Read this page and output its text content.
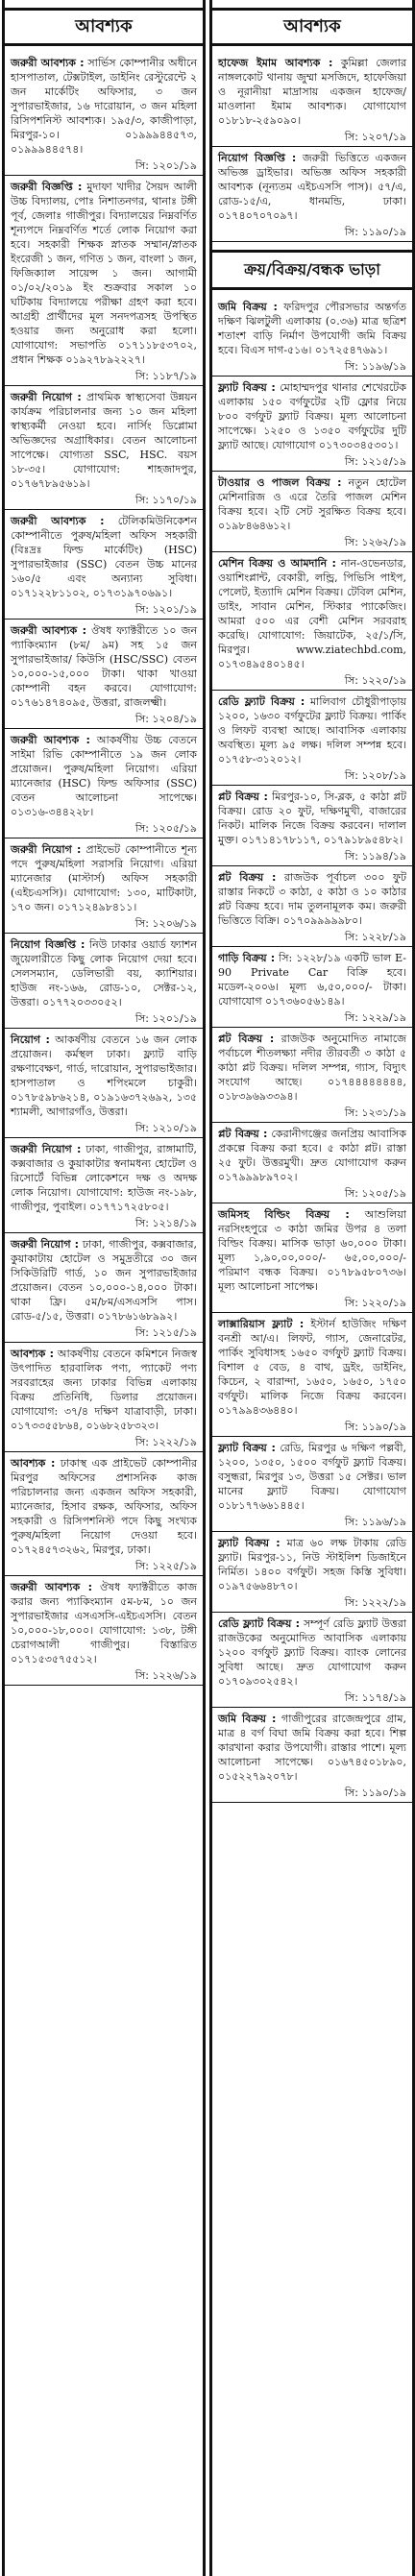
আবশ্যক
জরুরী আবশ্যক : সার্ভিস কোম্পানীর অধীনে হাসপাতাল, টেক্সটাইল, ডাইনিং রেস্টুরেন্টে ২ জন মার্কেটিং অফিসার, ৩ জন সুপারভাইজার, ১৬ দারোয়ান, ৩ জন মহিলা রিসিপশনিস্ট আবশ্যক। ১৯৫/৩, কাজীপাড়া, মিরপুর-১০। ০১৯৯৯৪৪৫৭৩, ০১৯৯৯৪৪৫৭৪।
সি: ১২০১/১৯
জরুরী বিজ্ঞপ্তি : মুদাফা খাদীর সৈয়দ আলী উচ্চ বিদ্যালয়, পোঃ নিশাতনগর, থানাঃ টঙ্গী পূর্ব, জেলাঃ গাজীপুর। বিদ্যালয়ের নিম্নবর্ণিত শূন্যপদে নিম্নবর্ণিত শর্তে লোক নিয়োগ করা হবে। সহকারী শিক্ষক স্নাতক সম্মান/স্নাতক ইংরেজী ১ জন, গণিত ১ জন, বাংলা ১ জন, ফিজিক্যাল সায়েন্স ১ জন। আগামী ০১/০২/২০১৯ ইং শুক্রবার সকাল ১০ ঘটিকায় বিদ্যালয়ে পরীক্ষা গ্রহণ করা হবে। আগ্রহী প্রার্থীদের মূল সনদপত্রসহ উপস্থিত হওয়ার জন্য অনুরোধ করা হলো। যোগাযোগ: সভাপতি ০১৭১১৮৫৩৭০২, প্রধান শিক্ষক ০১৯২৭৮৯২২২৭।
সি: ১১৮৭/১৯
জরুরী নিয়োগ : প্রাথমিক স্বাস্থ্যসেবা উন্নয়ন কার্যক্রম পরিচালনার জন্য ১০ জন মহিলা স্বাস্থ্যকর্মী নেওয়া হবে। নার্সিং ডিপ্লোমা অভিজ্ঞদের অগ্রাধিকার। বেতন আলোচনা সাপেক্ষে। যোগ্যতা SSC, HSC. বয়স ১৮-৩৫। যোগাযোগ: শাহজাদপুর, ০১৭৬৭৮৯৫৬১৯।
সি: ১১৭০/১৯
জরুরী আবশ্যক : টেলিকমিউনিকেশন কোম্পানীতে পুরুষ/মহিলা অফিস সহকারী (বিঃদ্রঃ ফিল্ড মার্কেটিং) (HSC) সুপারভাইজার (SSC) বেতন উচ্চ মানের ১৬০/৫ এবং অন্যান্য সুবিধা। ০১৭১২২৮১১০২, ০১৭৩১৯৭০৬৯১।
সি: ১২০১/১৯
জরুরী আবশ্যক : ঔষধ ফ্যাক্টরীতে ১০ জন প্যাকিংম্যান (৮ম/ ৯ম) সহ ১৫ জন সুপারভাইজার/ কিউসি (HSC/SSC) বেতন ১০,০০০-১৫,০০০ টাকা। থাকা খাওয়া কোম্পানী বহন করবে। যোগাযোগ: ০১৭৬১৪৭৪০৯৫, উত্তরা, রাজলক্ষ্মী।
সি: ১২০৪/১৯
জরুরী আবশ্যক : আকর্ষণীয় উচ্চ বেতনে সাইমা রিভি কোম্পানীতে ১৯ জন লোক প্রয়োজন। পুরুষ/মহিলা নিয়োগ। এরিয়া ম্যানেজার (HSC) ফিল্ড অফিসার (SSC) বেতন আলোচনা সাপেক্ষে। ০১৩১৬-৩৪৪২২৮।
সি: ১২০৫/১৯
জরুরী নিয়োগ : প্রাইভেট কোম্পানীতে শূন্য পদে পুরুষ/মহিলা সরাসরি নিয়োগ। এরিয়া ম্যানেজার (মাস্টার্স) অফিস সহকারী (এইচএসসি)। যোগাযোগ: ১৩০, মাটিকাটা, ১৭০ জন। ০১৭১২৪৯৮৪১১।
সি: ১২০৬/১৯
নিয়োগ বিজ্ঞপ্তি : নিউ ঢাকার ওয়ার্ড ফ্যাশন জুয়েলারীতে কিছু লোক নিয়োগ দেয়া হবে। সেলসম্যান, ডেলিভারী বয়, ক্যাশিয়ার। হাউজ নং-১৬৬, রোড-১০, সেক্টর-১২, উত্তরা। ০১৭৭২০৩৩০৫২।
সি: ১২০১/১৯
নিয়োগ : আকর্ষণীয় বেতনে ১৬ জন লোক প্রয়োজন। কর্মস্থল ঢাকা। ফ্ল্যাট বাড়ি রক্ষণাবেক্ষণ, গার্ড, দারোয়ান, সুপারভাইজার। হাসপাতাল ও শপিংমলে চাকুরী। ০১৭৮৫৯৮৬২১৪, ০১৯১৬৩৭২৬৯২, ১৩৫ শ্যামলী, আগারগাঁও, উত্তরা।
সি: ১২১০/১৯
জরুরী নিয়োগ : ঢাকা, গাজীপুর, রাঙ্গামাটি, কক্সবাজার ও কুয়াকাটার স্বনামধন্য হোটেল ও রিসোর্টে বিভিন্ন লোকেশনে দক্ষ ও অদক্ষ লোক নিয়োগ। যোগাযোগ: হাউজ নং-১৯৮, গাজীপুর, পুবাইল। ০১৭৭১৭২৫৮০৫।
সি: ১২১৪/১৯
জরুরী নিয়োগ : ঢাকা, গাজীপুর, কক্সবাজার, কুয়াকাটায় হোটেল ও সমুদ্রতীরে ৩০ জন সিকিউরিটি গার্ড, ১০ জন সুপারভাইজার প্রয়োজন। বেতন ১০,০০০-১৪,০০০ টাকা। থাকা ফ্রি। ৫ম/৮ম/এসএসসি পাস। রোড-৫/১৫, উত্তরা। ০১৭৮৬১৬৮৯৯২।
সি: ১২১৫/১৯
আবশ্যক : আকর্ষণীয় বেতনে কমিশনে নিজস্ব উৎপাদিত হারবালিক পণ্য, প্যাকেট পণ্য সরবরাহের জন্য ঢাকার বিভিন্ন এলাকায় বিক্রয় প্রতিনিধি, ডিলার প্রয়োজন। যোগাযোগ: ৩৭/৪ দক্ষিণ যাত্রাবাড়ী, ঢাকা। ০১৭৩৩৫৫৮৬৪, ০১৬৮২৫৮৩২৩।
সি: ১২২২/১৯
আবশ্যক : ঢাকাস্থ এক প্রাইভেট কোম্পানীর মিরপুর অফিসের প্রশাসনিক কাজ পরিচালনার জন্য একজন অফিস সহকারী, ম্যানেজার, হিসাব রক্ষক, অফিসার, অফিস সহকারী ও রিসিপশনিস্ট পদে কিছু সংখ্যক পুরুষ/মহিলা নিয়োগ দেওয়া হবে। ০১৭২৪৫৭৩২৬২, মিরপুর, ঢাকা।
সি: ১২২৫/১৯
জরুরী আবশ্যক : ঔষধ ফ্যাক্টরীতে কাজ করার জন্য প্যাকিংম্যান ৫ম-৮ম, ১০ জন সুপারভাইজার এসএসসি-এইচএসসি। বেতন ১০,০০০-১৮,০০০। যোগাযোগ: ১৩৮, টঙ্গী চেরাগআলী গাজীপুর। বিস্তারিত ০১৭১৫৩৫৭৫৫১২।
সি: ১২২৬/১৯
আবশ্যক
হাফেজ ইমাম আবশ্যক : কুমিল্লা জেলার নাঙ্গলকোট থানায় জুম্মা মসজিদে, হাফেজিয়া ও নূরানীয়া মাদ্রাসায় একজন হাফেজ/মাওলানা ইমাম আবশ্যক। যোগাযোগ ০১৮১৮-২৫৯০৯০।
সি: ১২০৭/১৯
নিয়োগ বিজ্ঞপ্তি : জরুরী ভিত্তিতে একজন অভিজ্ঞ ড্রাইভার। অভিজ্ঞ অফিস সহকারী আবশ্যক (নূন্যতম এইচএসসি পাস)। ৫৭/এ, রোড-১৫/এ, ধানমন্ডি, ঢাকা। ০১৭৪০৭০৭০৯৭।
সি: ১১৯০/১৯
ক্রয়/বিক্রয়/বন্ধক ভাড়া
জমি বিক্রয় : ফরিদপুর পৌরসভার অন্তর্গত দক্ষিণ ঝিলটুলী এলাকায় (০.৩৬) মাত্র ছত্রিশ শতাংশ বাড়ি নির্মাণ উপযোগী জমি বিক্রয় হবে। বিএস দাগ-৫১৬। ০১৭২৫৪৭৬৯১।
সি: ১১৯৬/১৯
ফ্ল্যাট বিক্রয় : মোহাম্মদপুর থানার শেখেরটেক এলাকায় ১৫০ বর্গফুটের ২টি ফ্লোর নিয়ে ৮০০ বর্গফুট ফ্ল্যাট বিক্রয়। মূল্য আলোচনা সাপেক্ষে। ১২৫০ ও ১৩৫০ বর্গফুটের দুটি ফ্ল্যাট আছে। যোগাযোগ ০১৭৩০৩৪৫৩০১।
সি: ১২১৫/১৯
টাওয়ার ও পাজল বিক্রয় : নতুন হোটেল মেশিনারিজ ও এরে তৈরি পাজল মেশিন বিক্রয় হবে। ২টি সেট সুরক্ষিত বিক্রয় হবে। ০১৯৮৪৬৪৬১২।
সি: ১২৬২/১৯
মেশিন বিক্রয় ও আমদানি : নান-ওভেনডার, ওয়াশিংপ্লান্ট, বেকারী, লন্ড্রি, পিভিসি পাইপ, পেলেট, ইত্যাদি মেশিন বিক্রয়। টেবিল মেশিন, ডাইং, সাবান মেশিন, স্টিকার প্যাকেজিং। আমরা ৫০০ এর বেশী মেশিন সরবরাহ করেছি। যোগাযোগ: জিয়াটেক, ২৫/১/সি, মিরপুর। www.ziatechbd.com, ০১৭৩৪৯৫৪০১৪৫।
সি: ১২২০/১৯
রেডি ফ্ল্যাট বিক্রয় : মালিবাগ চৌধুরীপাড়ায় ১২০০, ১৬৩০ বর্গফুটের ফ্ল্যাট বিক্রয়। পার্কিং ও লিফট ব্যবস্থা আছে। আবাসিক এলাকায় অবস্থিত। মূল্য ৯৫ লক্ষ। দলিল সম্পন্ন হবে। ০১৭৫৮-৩১২০১২।
সি: ১২০৮/১৯
প্লট বিক্রয় : মিরপুর-১০, সি-ব্লক, ৫ কাঠা প্লট বিক্রয়। রোড ২০ ফুট, দক্ষিণমুখী, বাজারের নিকট। মালিক নিজে বিক্রয় করবেন। দালাল মুক্ত। ০১৭১৪১৭৮১১৭, ০১৭৯১৮৯৫৪৮২।
সি: ১১৯৪/১৯
প্লট বিক্রয় : রাজউক পূর্বাচল ৩০০ ফুট রাস্তার নিকটে ৩ কাঠা, ৫ কাঠা ও ১০ কাঠার প্লট বিক্রয় হবে। দাম তুলনামূলক কম। জরুরী ভিত্তিতে বিক্রি। ০১৭০৯৯৯৯৯৮০।
সি: ১২২৮/১৯
গাড়ি বিক্রয় : সি: ১২২৮/১৯ একটি ভাল E-90 Private Car বিক্রি হবে। মডেল-২০০৬। মূল্য ৬,৫০,০০০/- টাকা। যোগাযোগ ০১৭৩৬০৫৬১৪৯।
সি: ১২২৯/১৯
প্লট বিক্রয় : রাজউক অনুমোদিত নামাজে পর্বাচলে শীতলক্ষ্যা নদীর তীরবর্তী ৩ কাঠা ৫ কাঠা প্লট বিক্রয়। দলিল সম্পন্ন, গ্যাস, বিদ্যুৎ সংযোগ আছে। ০১৭৪৪৪৪৪৪৪৪, ০১৮৩৯৬৯৩৩৯৪।
সি: ১২৩১/১৯
প্লট বিক্রয় : কেরানীগঞ্জের জনপ্রিয় আবাসিক প্রকল্পে বিক্রয় করা হবে। ৫ কাঠা প্লট। রাস্তা ২৫ ফুট। উত্তরমুখী। দ্রুত যোগাযোগ করুন ০১৭৯৯৯৮৯৭০২।
সি: ১২০৫/১৯
জমিসহ বিল্ডিং বিক্রয় : আশুলিয়া নরসিংহপুরে ৩ কাঠা জমির উপর ৪ তলা বিল্ডিং বিক্রয়। মাসিক ভাড়া ৬০,০০০ টাকা। মূল্য ১,৯০,০০,০০০/- ৬৫,০০,০০০/- পরিমাণ বন্ধক বিক্রয়। ০১৭৮৯৫৮০৭৩৬। মূল্য আলোচনা সাপেক্ষ।
সি: ১২২০/১৯
লাক্সারিয়াস ফ্ল্যাট : ইস্টার্ন হাউজিং দক্ষিণ বনশ্রী আ/এ। লিফট, গ্যাস, জেনারেটর, পার্কিং সুবিধাসহ ১৬৫০ বর্গফুট ফ্ল্যাট বিক্রয়। বিশাল ৫ বেড, ৪ বাথ, ড্রইং, ডাইনিং, কিচেন, ২ বারান্দা, ১৬৫০, ১৬৫০, ১৭৫০ বর্গফুট। মালিক নিজে বিক্রয় করবেন। ০১৭৯৯৪৩৬৪৪০।
সি: ১১৯০/১৯
ফ্ল্যাট বিক্রয় : রেডি, মিরপুর ৬ দক্ষিণ পল্লবী, ১২০০, ১৩৫০, ১৫০০ বর্গফুট ফ্ল্যাট বিক্রয়। বসুন্ধরা, মিরপুর ১৩, উত্তরা ১৫ সেক্টর। ভাল মানের ফ্ল্যাট বিক্রয়। যোগাযোগ ০১৮১৭৭৬৬১৪৪৫।
সি: ১১৯৬/১৯
ফ্ল্যাট বিক্রয় : মাত্র ৬০ লক্ষ টাকায় রেডি ফ্ল্যাট। মিরপুর-১১, নিউ স্টাইলিশ ডিজাইনে নির্মিত। ১৪০০ বর্গফুট। সহজ কিস্তি সুবিধা। ০১৯৭৫৬৬৪৮৭০।
সি: ১২২২/১৯
রেডি ফ্ল্যাট বিক্রয় : সম্পূর্ণ রেডি ফ্ল্যাট উত্তরা রাজউকের অনুমোদিত আবাসিক এলাকায় ১২০০ বর্গফুট ফ্ল্যাট বিক্রয়। ব্যাংক লোনের সুবিধা আছে। দ্রুত যোগাযোগ করুন ০১৭০৯৩০২৫৪২।
সি: ১১৭৪/১৯
জমি বিক্রয় : গাজীপুরের রাজেন্দ্রপুরে গ্রাম, মাত্র ৪ বর্গ বিঘা জমি বিক্রয় করা হবে। শিল্প কারখানা করার উপযোগী। রাস্তার পাশে। মূল্য আলোচনা সাপেক্ষে। ০১৬৭৪৫০১৮৯০, ০১৫২২৭৯২০৭৮।
সি: ১১৯০/১৯
